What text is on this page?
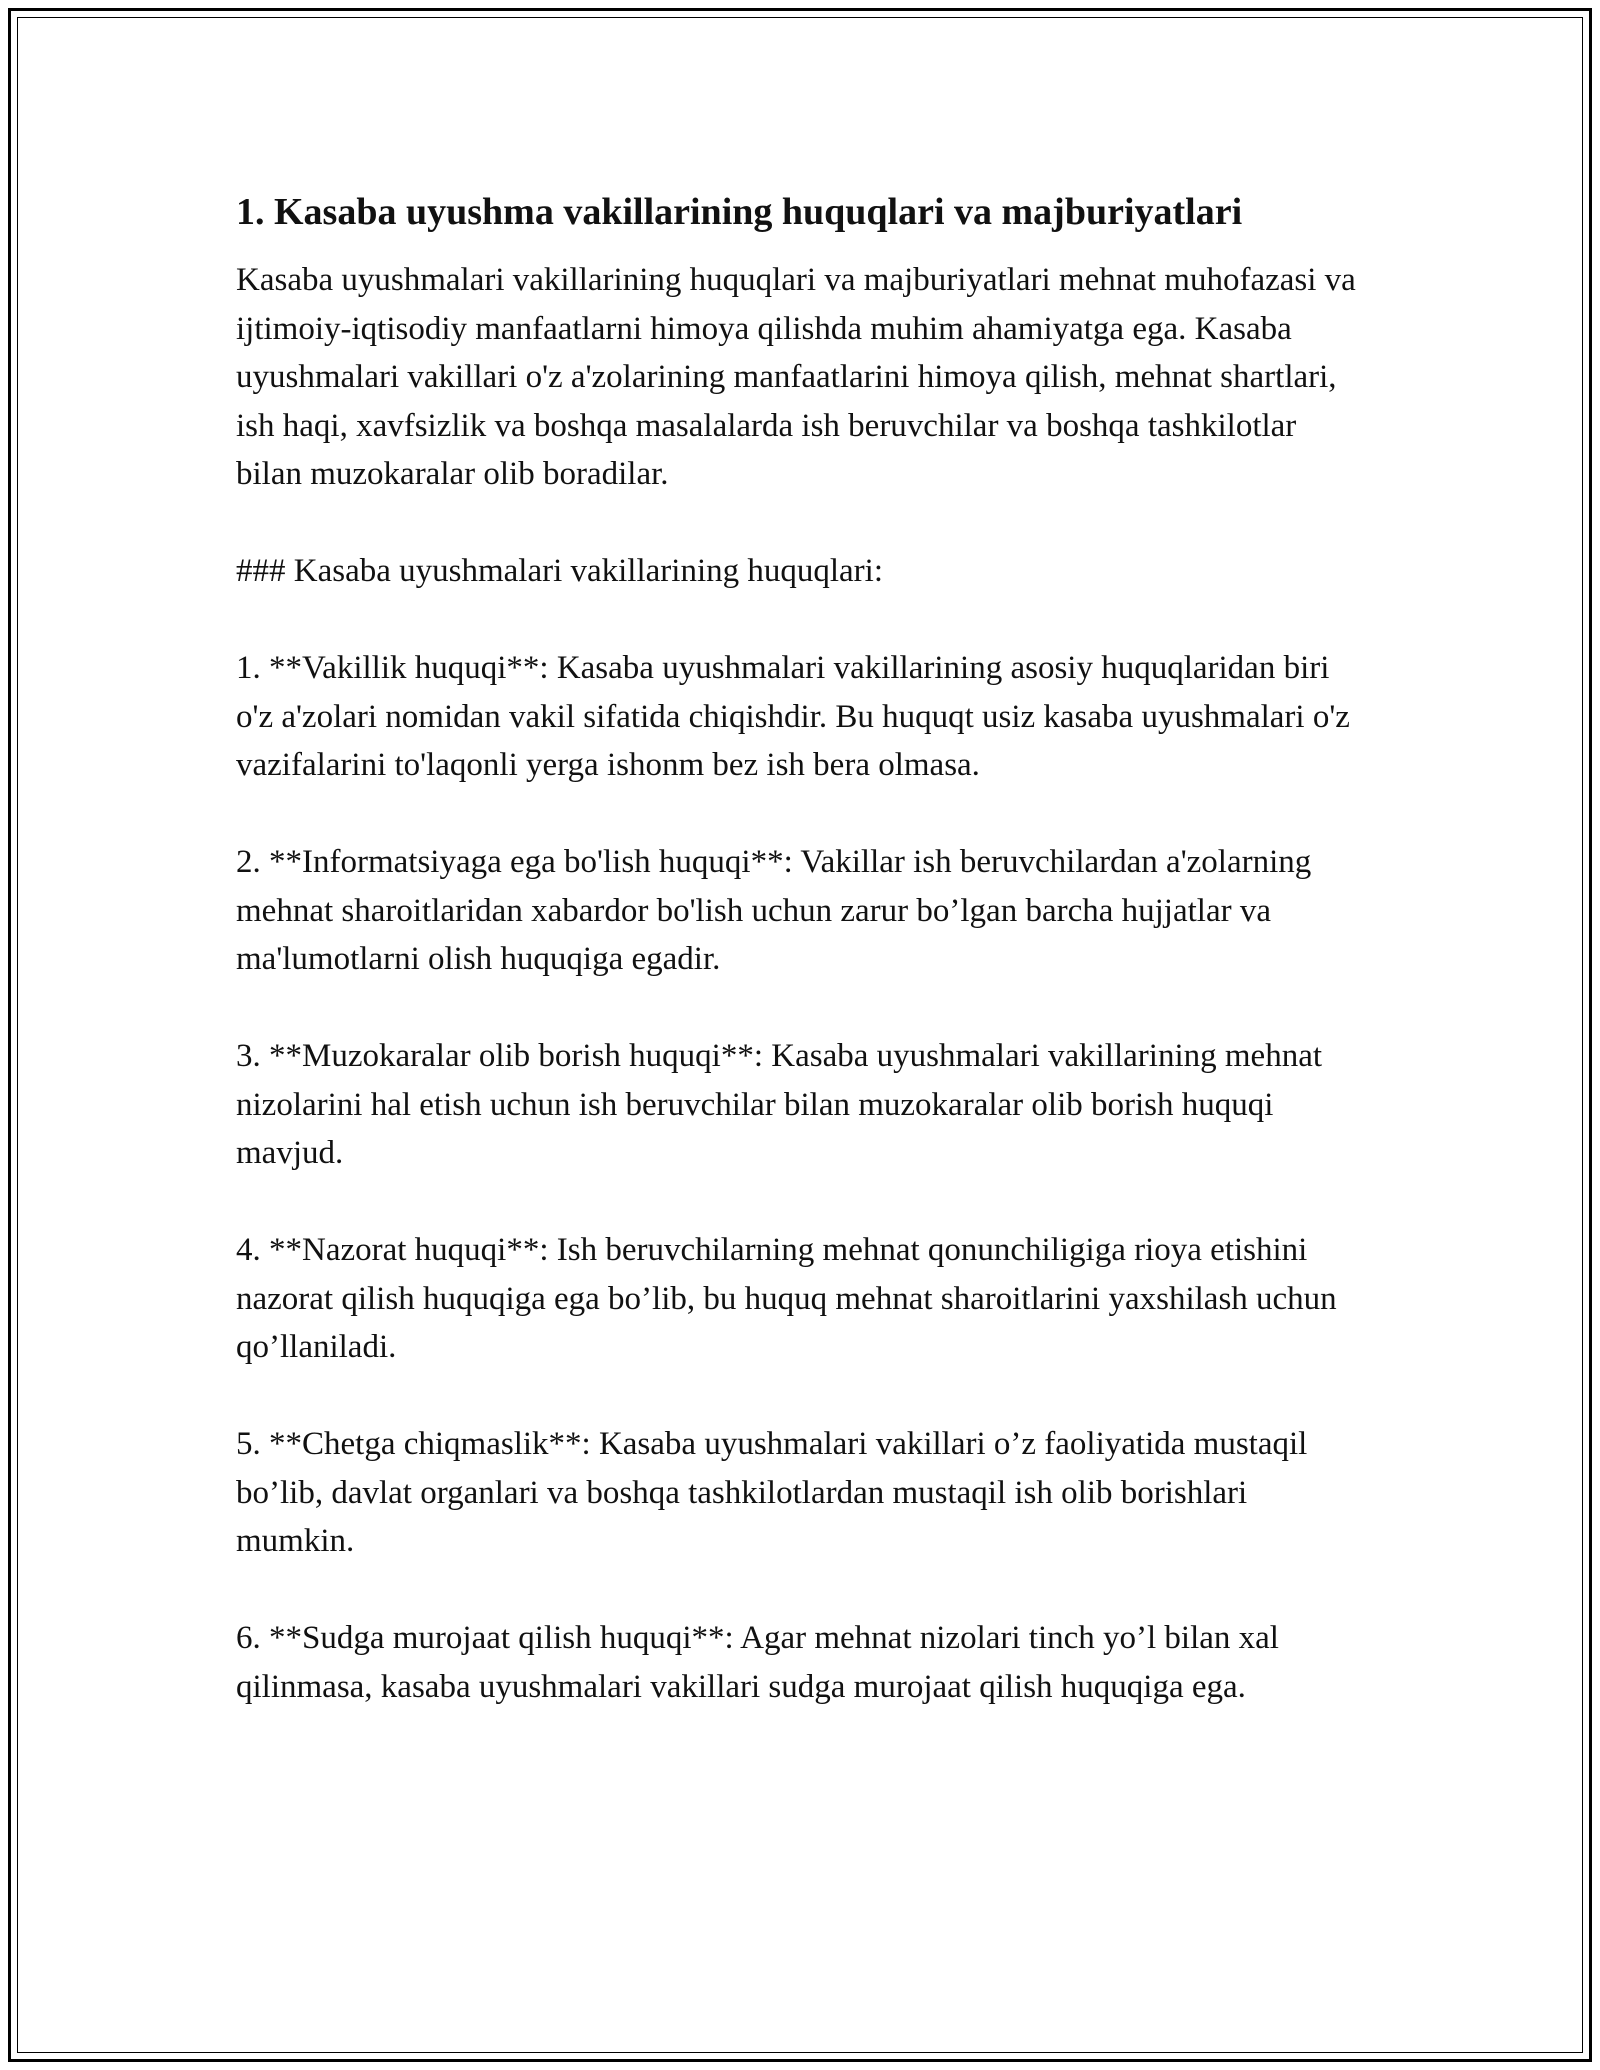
1. Kasaba uyushma vakillarining huquqlari va majburiyatlari

Kasaba uyushmalari vakillarining huquqlari va majburiyatlari mehnat muhofazasi va ijtimoiy-iqtisodiy manfaatlarni himoya qilishda muhim ahamiyatga ega. Kasaba uyushmalari vakillari o'z a'zolarining manfaatlarini himoya qilish, mehnat shartlari, ish haqi, xavfsizlik va boshqa masalalarda ish beruvchilar va boshqa tashkilotlar bilan muzokaralar olib boradilar.

### Kasaba uyushmalari vakillarining huquqlari:

1. **Vakillik huquqi**: Kasaba uyushmalari vakillarining asosiy huquqlaridan biri o'z a'zolari nomidan vakil sifatida chiqishdir. Bu huquqt usiz kasaba uyushmalari o'z vazifalarini to'laqonli yerga ishonm bez ish bera olmasa.

2. **Informatsiyaga ega bo'lish huquqi**: Vakillar ish beruvchilardan a'zolarning mehnat sharoitlaridan xabardor bo'lish uchun zarur bo’lgan barcha hujjatlar va ma'lumotlarni olish huquqiga egadir.

3. **Muzokaralar olib borish huquqi**: Kasaba uyushmalari vakillarining mehnat nizolarini hal etish uchun ish beruvchilar bilan muzokaralar olib borish huquqi mavjud.

4. **Nazorat huquqi**: Ish beruvchilarning mehnat qonunchiligiga rioya etishini nazorat qilish huquqiga ega bo’lib, bu huquq mehnat sharoitlarini yaxshilash uchun qo’llaniladi.

5. **Chetga chiqmaslik**: Kasaba uyushmalari vakillari o’z faoliyatida mustaqil bo’lib, davlat organlari va boshqa tashkilotlardan mustaqil ish olib borishlari mumkin.

6. **Sudga murojaat qilish huquqi**: Agar mehnat nizolari tinch yo’l bilan xal qilinmasa, kasaba uyushmalari vakillari sudga murojaat qilish huquqiga ega.
